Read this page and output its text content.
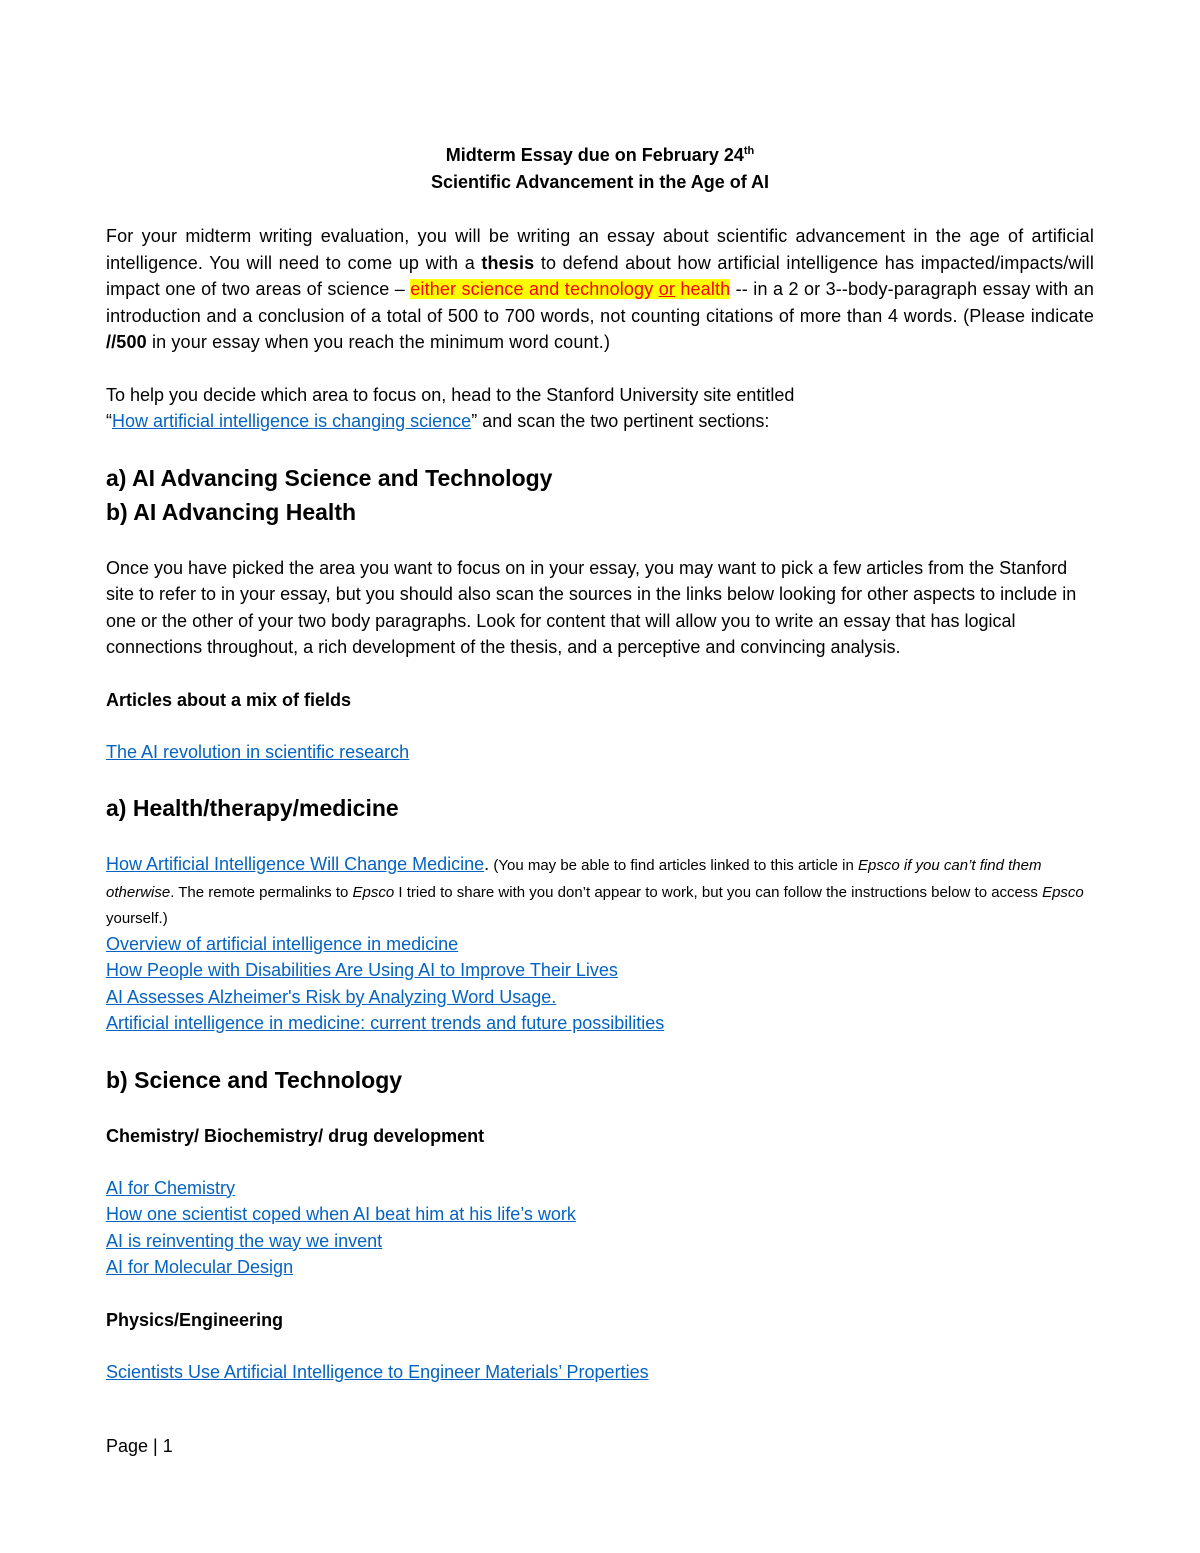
Midterm Essay due on February 24th

Scientific Advancement in the Age of AI

For your midterm writing evaluation, you will be writing an essay about scientific advancement in the age of artificial intelligence. You will need to come up with a thesis to defend about how artificial intelligence has impacted/impacts/will impact one of two areas of science – either science and technology or health -- in a 2 or 3--body-paragraph essay with an introduction and a conclusion of a total of 500 to 700 words, not counting citations of more than 4 words. (Please indicate //500 in your essay when you reach the minimum word count.)

To help you decide which area to focus on, head to the Stanford University site entitled
“How artificial intelligence is changing science” and scan the two pertinent sections:

a) AI Advancing Science and Technology

b) AI Advancing Health

Once you have picked the area you want to focus on in your essay, you may want to pick a few articles from the Stanford site to refer to in your essay, but you should also scan the sources in the links below looking for other aspects to include in one or the other of your two body paragraphs. Look for content that will allow you to write an essay that has logical connections throughout, a rich development of the thesis, and a perceptive and convincing analysis.

Articles about a mix of fields

The AI revolution in scientific research

a) Health/therapy/medicine

How Artificial Intelligence Will Change Medicine. (You may be able to find articles linked to this article in Epsco if you can’t find them otherwise. The remote permalinks to Epsco I tried to share with you don’t appear to work, but you can follow the instructions below to access Epsco yourself.)
Overview of artificial intelligence in medicine
How People with Disabilities Are Using AI to Improve Their Lives
AI Assesses Alzheimer's Risk by Analyzing Word Usage.
Artificial intelligence in medicine: current trends and future possibilities

b) Science and Technology

Chemistry/ Biochemistry/ drug development

AI for Chemistry
How one scientist coped when AI beat him at his life’s work
AI is reinventing the way we invent
AI for Molecular Design

Physics/Engineering

Scientists Use Artificial Intelligence to Engineer Materials’ Properties
Page | 1
